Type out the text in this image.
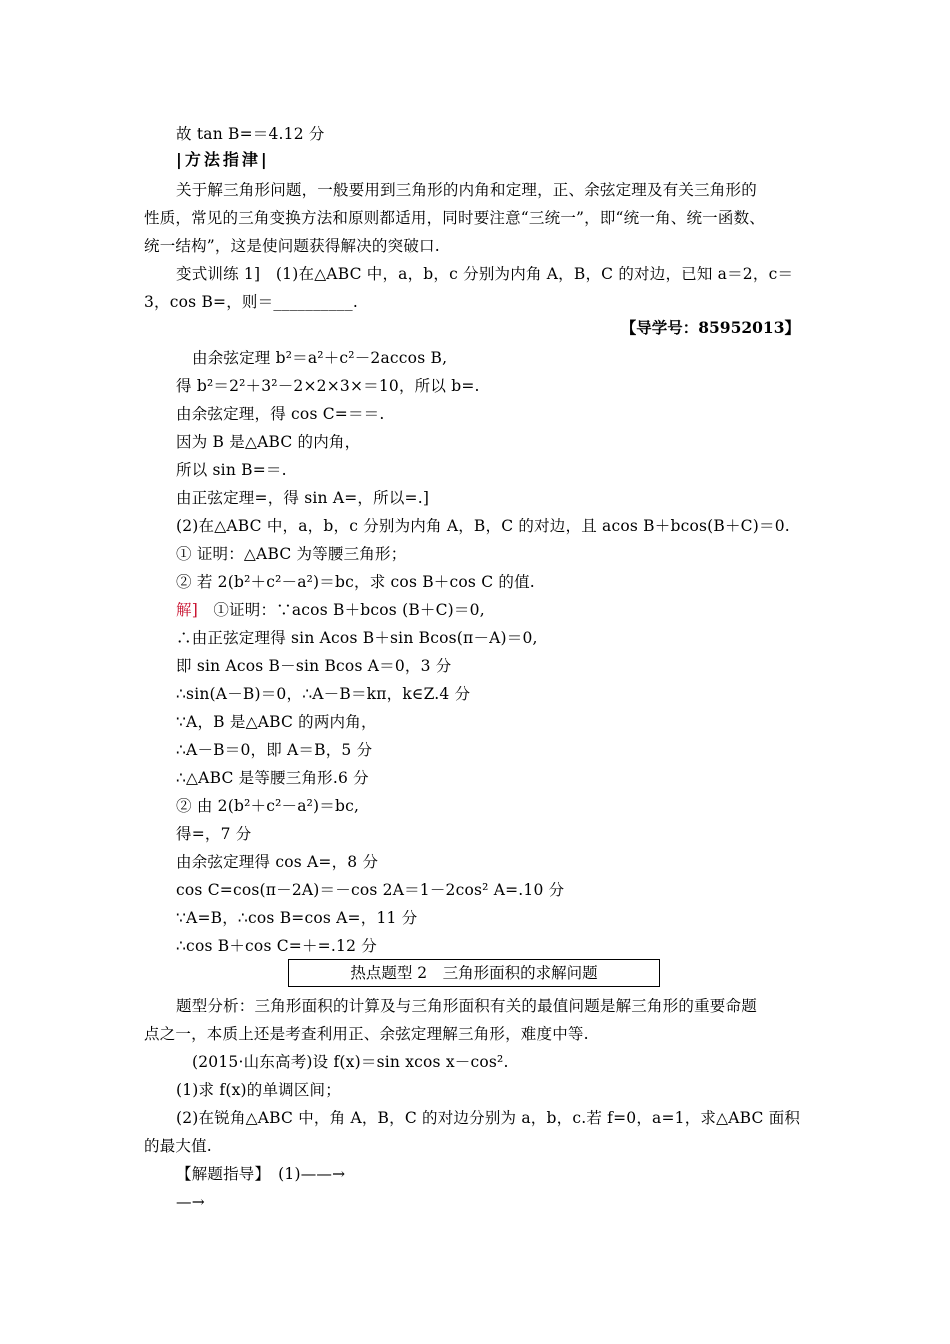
故 tan B=＝4.12 分
|方法指津|
关于解三角形问题，一般要用到三角形的内角和定理，正、余弦定理及有关三角形的
性质，常见的三角变换方法和原则都适用，同时要注意“三统一”，即“统一角、统一函数、
统一结构”，这是使问题获得解决的突破口.
变式训练 1]　(1)在△ABC 中，a，b，c 分别为内角 A，B，C 的对边，已知 a＝2，c＝
3，cos B=，则＝__________.
【导学号：85952013】
由余弦定理 b²＝a²＋c²－2accos B,
得 b²＝2²＋3²－2×2×3×＝10，所以 b=.
由余弦定理，得 cos C=＝＝.
因为 B 是△ABC 的内角，
所以 sin B=＝.
由正弦定理=，得 sin A=，所以=.]
(2)在△ABC 中，a，b，c 分别为内角 A，B，C 的对边，且 acos B＋bcos(B＋C)＝0.
① 证明：△ABC 为等腰三角形；
② 若 2(b²＋c²－a²)＝bc，求 cos B＋cos C 的值.
解] ①证明：∵acos B＋bcos (B＋C)＝0,
∴由正弦定理得 sin Acos B＋sin Bcos(π－A)＝0,
即 sin Acos B－sin Bcos A＝0，3 分
∴sin(A－B)＝0，∴A－B＝kπ，k∈Z.4 分
∵A，B 是△ABC 的两内角，
∴A－B＝0，即 A＝B，5 分
∴△ABC 是等腰三角形.6 分
② 由 2(b²＋c²－a²)＝bc,
得=，7 分
由余弦定理得 cos A=，8 分
cos C=cos(π－2A)＝－cos 2A＝1－2cos² A=.10 分
∵A=B，∴cos B=cos A=，11 分
∴cos B＋cos C=＋=.12 分
热点题型 2　三角形面积的求解问题
题型分析：三角形面积的计算及与三角形面积有关的最值问题是解三角形的重要命题
点之一，本质上还是考查利用正、余弦定理解三角形，难度中等.
(2015·山东高考)设 f(x)＝sin xcos x－cos².
(1)求 f(x)的单调区间；
(2)在锐角△ABC 中，角 A，B，C 的对边分别为 a，b，c.若 f=0，a=1，求△ABC 面积
的最大值.
【解题指导】　(1)——→
—→
